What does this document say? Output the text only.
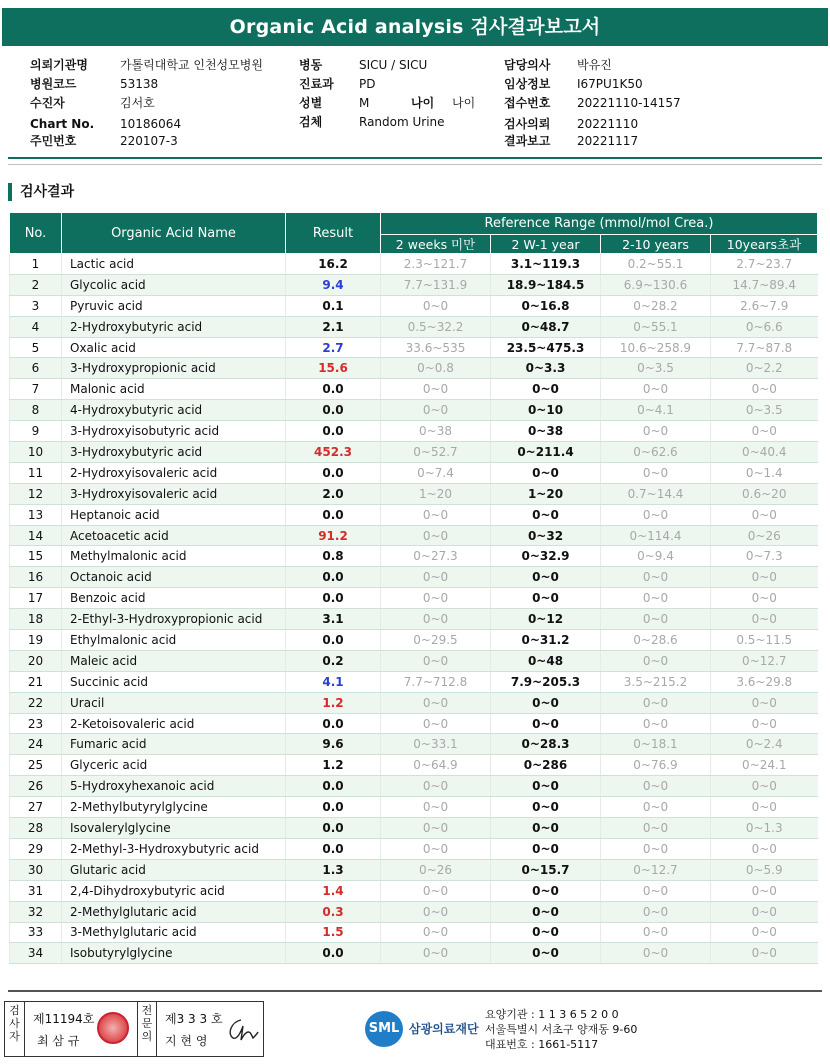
Organic Acid analysis 검사결과보고서
의뢰기관명	가톨릭대학교 인천성모병원
병원코드	53138
수진자	김서호
Chart No. 10186064
주민번호	220107-3
병동	SICU / SICU
진료과 PD
성별	M	나이 나이
검체	Random Urine
담당의사 박유진
임상정보 I67PU1K50
접수번호 20221110-14157
검사의뢰 20221110
결과보고 20221117
검사결과
No.	Organic Acid Name	Result	Reference Range (mmol/mol Crea.)			
			2 weeks 미만	2 W-1 year	2-10 years	10years초과
1	Lactic acid	16.2	2.3~121.7	3.1~119.3	0.2~55.1	2.7~23.7
2	Glycolic acid	9.4	7.7~131.9	18.9~184.5	6.9~130.6	14.7~89.4
3	Pyruvic acid	0.1	0~0	0~16.8	0~28.2	2.6~7.9
4	2-Hydroxybutyric acid	2.1	0.5~32.2	0~48.7	0~55.1	0~6.6
5	Oxalic acid	2.7	33.6~535	23.5~475.3	10.6~258.9	7.7~87.8
6	3-Hydroxypropionic acid	15.6	0~0.8	0~3.3	0~3.5	0~2.2
7	Malonic acid	0.0	0~0	0~0	0~0	0~0
8	4-Hydroxybutyric acid	0.0	0~0	0~10	0~4.1	0~3.5
9	3-Hydroxyisobutyric acid	0.0	0~38	0~38	0~0	0~0
10	3-Hydroxybutyric acid	452.3	0~52.7	0~211.4	0~62.6	0~40.4
11	2-Hydroxyisovaleric acid	0.0	0~7.4	0~0	0~0	0~1.4
12	3-Hydroxyisovaleric acid	2.0	1~20	1~20	0.7~14.4	0.6~20
13	Heptanoic acid	0.0	0~0	0~0	0~0	0~0
14	Acetoacetic acid	91.2	0~0	0~32	0~114.4	0~26
15	Methylmalonic acid	0.8	0~27.3	0~32.9	0~9.4	0~7.3
16	Octanoic acid	0.0	0~0	0~0	0~0	0~0
17	Benzoic acid	0.0	0~0	0~0	0~0	0~0
18	2-Ethyl-3-Hydroxypropionic acid	3.1	0~0	0~12	0~0	0~0
19	Ethylmalonic acid	0.0	0~29.5	0~31.2	0~28.6	0.5~11.5
20	Maleic acid	0.2	0~0	0~48	0~0	0~12.7
21	Succinic acid	4.1	7.7~712.8	7.9~205.3	3.5~215.2	3.6~29.8
22	Uracil	1.2	0~0	0~0	0~0	0~0
23	2-Ketoisovaleric acid	0.0	0~0	0~0	0~0	0~0
24	Fumaric acid	9.6	0~33.1	0~28.3	0~18.1	0~2.4
25	Glyceric acid	1.2	0~64.9	0~286	0~76.9	0~24.1
26	5-Hydroxyhexanoic acid	0.0	0~0	0~0	0~0	0~0
27	2-Methylbutyrylglycine	0.0	0~0	0~0	0~0	0~0
28	Isovalerylglycine	0.0	0~0	0~0	0~0	0~1.3
29	2-Methyl-3-Hydroxybutyric acid	0.0	0~0	0~0	0~0	0~0
30	Glutaric acid	1.3	0~26	0~15.7	0~12.7	0~5.9
31	2,4-Dihydroxybutyric acid	1.4	0~0	0~0	0~0	0~0
32	2-Methylglutaric acid	0.3	0~0	0~0	0~0	0~0
33	3-Methylglutaric acid	1.5	0~0	0~0	0~0	0~0
34	Isobutyrylglycine	0.0	0~0	0~0	0~0	0~0
검사자
제11194호
최 삼 규
전문의
제3 3 3 호
지 현 영
SML 삼광의료재단
요양기관 : 1 1 3 6 5 2 0 0
서울특별시 서초구 양재동 9-60
대표번호 : 1661-5117
